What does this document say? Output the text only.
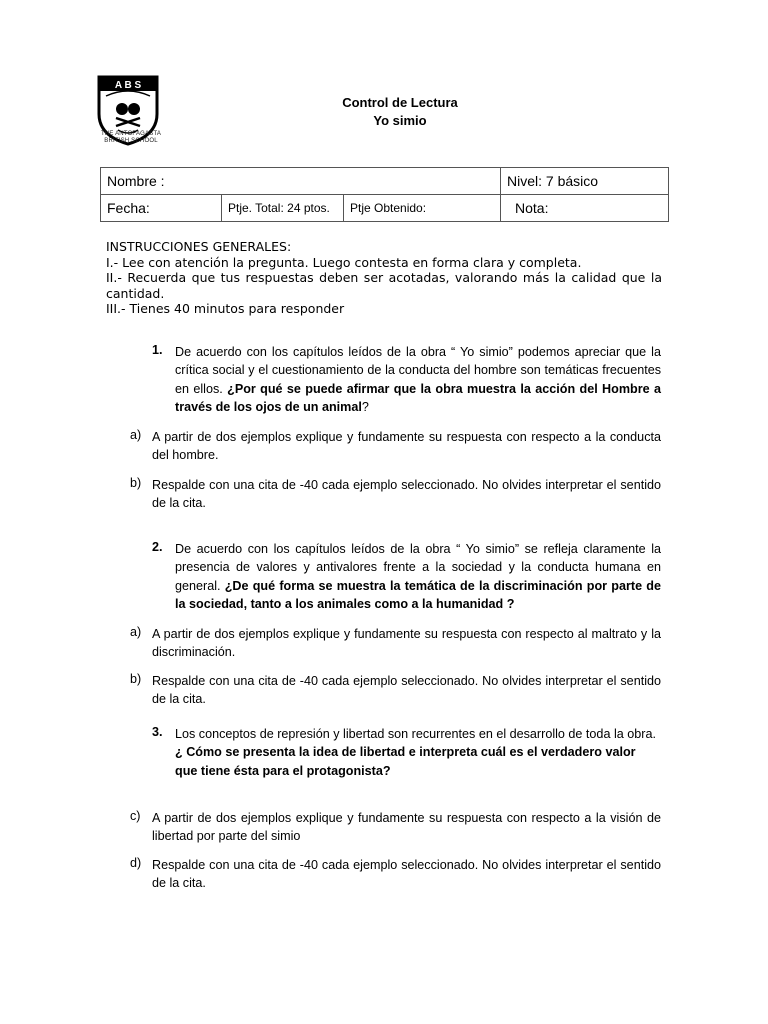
A B S
THE ANTOFAGASTA
BRITISH SCHOOL
Control de Lectura
Yo simio
Nombre :			Nivel: 7 básico
Fecha:	Ptje. Total: 24 ptos.	Ptje Obtenido:	Nota:

INSTRUCCIONES GENERALES:

I.- Lee con atención la pregunta. Luego contesta en forma clara y completa.

II.- Recuerda que tus respuestas deben ser acotadas, valorando más la calidad que la cantidad.

III.- Tienes 40 minutos para responder

1. De acuerdo con los capítulos leídos de la obra “ Yo simio” podemos apreciar que la crítica social y el cuestionamiento de la conducta del hombre son temáticas frecuentes en ellos. ¿Por qué se puede afirmar que la obra muestra la acción del Hombre a través de los ojos de un animal?
a) A partir de dos ejemplos explique y fundamente su respuesta con respecto a la conducta del hombre.
b) Respalde con una cita de -40 cada ejemplo seleccionado. No olvides interpretar el sentido de la cita.
2. De acuerdo con los capítulos leídos de la obra “ Yo simio” se refleja claramente la presencia de valores y antivalores frente a la sociedad y la conducta humana en general. ¿De qué forma se muestra la temática de la discriminación por parte de la sociedad, tanto a los animales como a la humanidad ?
a) A partir de dos ejemplos explique y fundamente su respuesta con respecto al maltrato y la discriminación.
b) Respalde con una cita de -40 cada ejemplo seleccionado. No olvides interpretar el sentido de la cita.
3. Los conceptos de represión y libertad son recurrentes en el desarrollo de toda la obra.
¿ Cómo se presenta la idea de libertad e interpreta cuál es el verdadero valor que tiene ésta para el protagonista?
c) A partir de dos ejemplos explique y fundamente su respuesta con respecto a la visión de libertad por parte del simio
d) Respalde con una cita de -40 cada ejemplo seleccionado. No olvides interpretar el sentido de la cita.
